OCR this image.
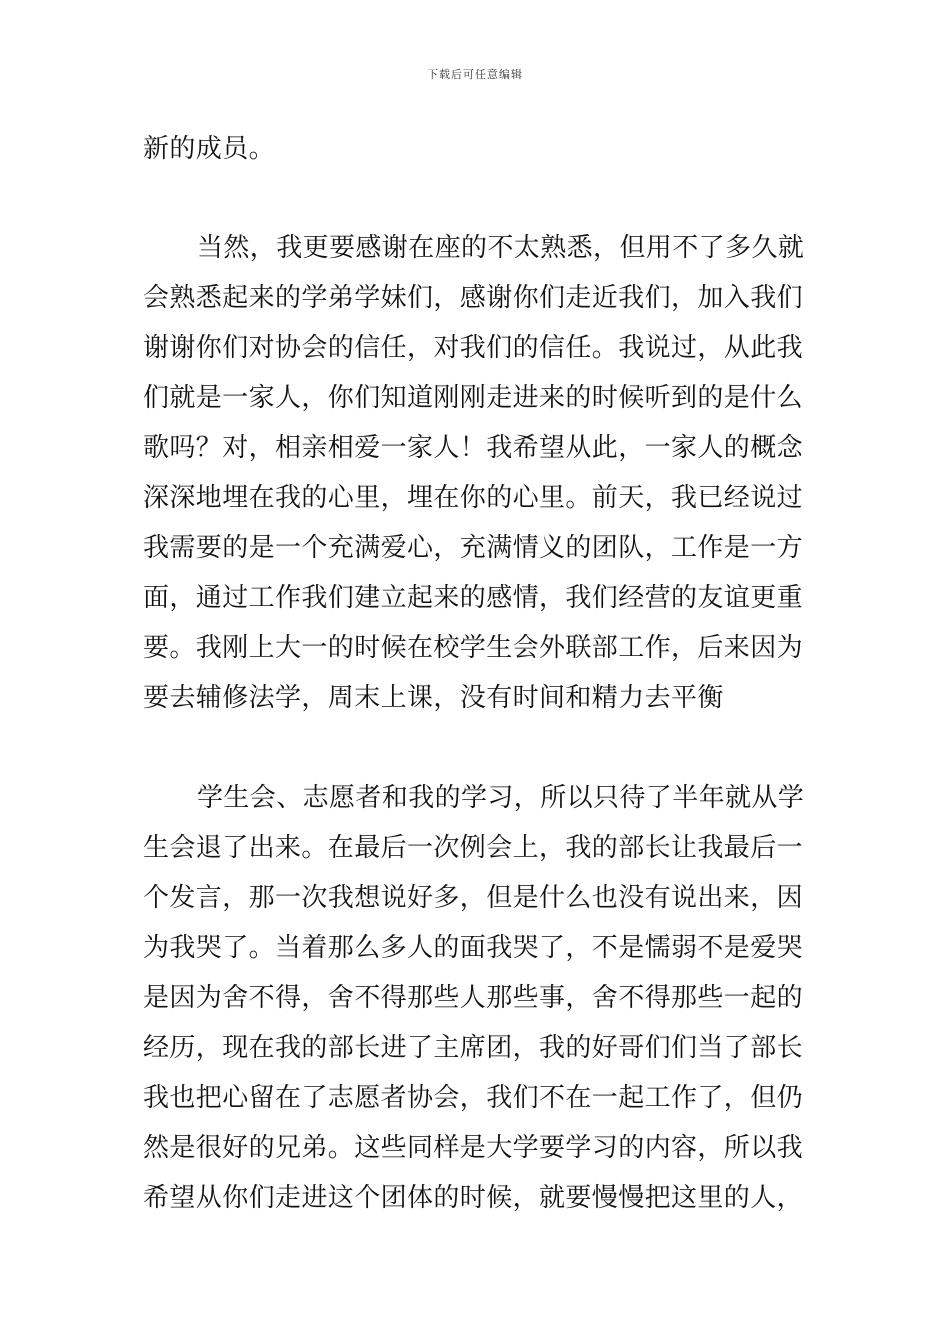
下载后可任意编辑
新的成员。
当然，我更要感谢在座的不太熟悉，但用不了多久就
会熟悉起来的学弟学妹们，感谢你们走近我们，加入我们
谢谢你们对协会的信任，对我们的信任。我说过，从此我
们就是一家人，你们知道刚刚走进来的时候听到的是什么
歌吗？对，相亲相爱一家人！我希望从此，一家人的概念
深深地埋在我的心里，埋在你的心里。前天，我已经说过
我需要的是一个充满爱心，充满情义的团队，工作是一方
面，通过工作我们建立起来的感情，我们经营的友谊更重
要。我刚上大一的时候在校学生会外联部工作，后来因为
要去辅修法学，周末上课，没有时间和精力去平衡
学生会、志愿者和我的学习，所以只待了半年就从学
生会退了出来。在最后一次例会上，我的部长让我最后一
个发言，那一次我想说好多，但是什么也没有说出来，因
为我哭了。当着那么多人的面我哭了，不是懦弱不是爱哭
是因为舍不得，舍不得那些人那些事，舍不得那些一起的
经历，现在我的部长进了主席团，我的好哥们们当了部长
我也把心留在了志愿者协会，我们不在一起工作了，但仍
然是很好的兄弟。这些同样是大学要学习的内容，所以我
希望从你们走进这个团体的时候，就要慢慢把这里的人，
